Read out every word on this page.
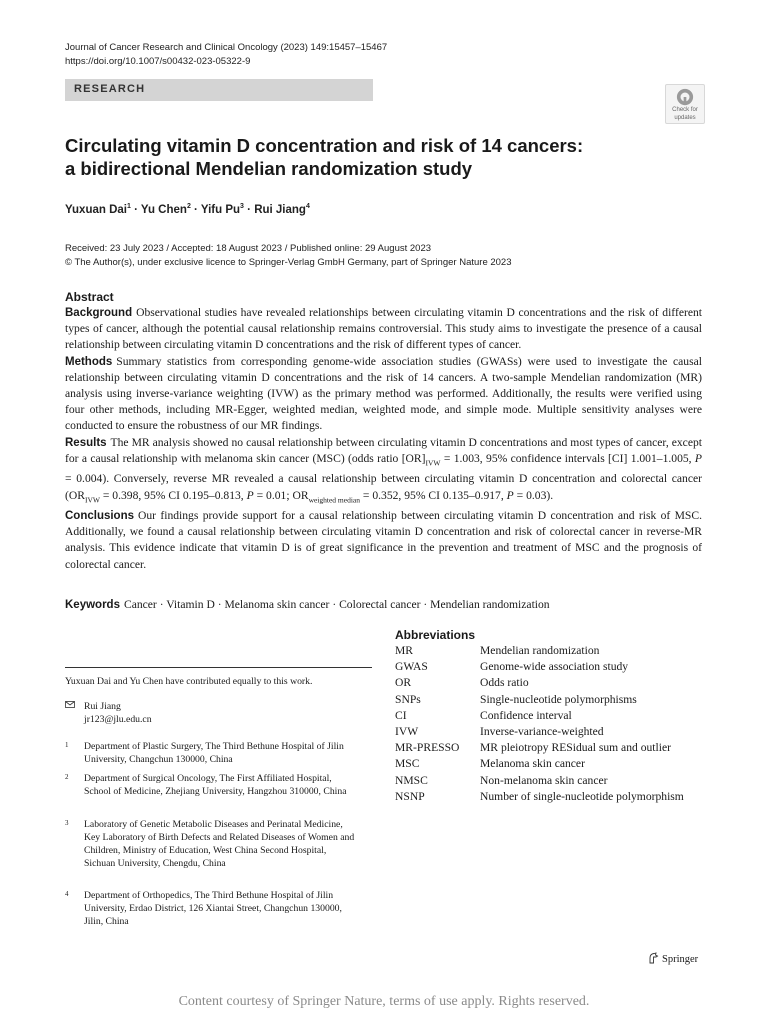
Journal of Cancer Research and Clinical Oncology (2023) 149:15457–15467
https://doi.org/10.1007/s00432-023-05322-9
RESEARCH
Check for
updates
Circulating vitamin D concentration and risk of 14 cancers:
a bidirectional Mendelian randomization study
Yuxuan Dai$^1$ · Yu Chen$^2$ · Yifu $Pu^3$ · Rui Jiang$^4$
Received: 23 July 2023 / Accepted: 18 August 2023 / Published online: 29 August 2023
© The Author(s), under exclusive licence to Springer-Verlag GmbH Germany, part of Springer Nature 2023
Abstract

Background Observational studies have revealed relationships between circulating vitamin D concentrations and the risk of different types of cancer, although the potential causal relationship remains controversial. This study aims to investigate the presence of a causal relationship between circulating vitamin D concentrations and the risk of different types of cancer.

Methods Summary statistics from corresponding genome-wide association studies (GWASs) were used to investigate the causal relationship between circulating vitamin D concentrations and the risk of 14 cancers. A two-sample Mendelian randomization (MR) analysis using inverse-variance weighting (IVW) as the primary method was performed. Additionally, the results were verified using four other methods, including MR-Egger, weighted median, weighted mode, and simple mode. Multiple sensitivity analyses were conducted to ensure the robustness of our MR findings.

Results The MR analysis showed no causal relationship between circulating vitamin D concentrations and most types of cancer, except for a causal relationship with melanoma skin cancer (MSC) (odds ratio $[OR]_{IVW} = 1.003$, 95% confidence intervals [CI] 1.001–1.005, P = 0.004). Conversely, reverse MR revealed a causal relationship between circulating vitamin D concentration and colorectal cancer ($OR_{IVW} = 0.398$, 95% CI 0.195–0.813, P = 0.01; $OR_{weighted median} = 0.352$, 95% CI 0.135–0.917, P = 0.03).

Conclusions Our findings provide support for a causal relationship between circulating vitamin D concentration and risk of MSC. Additionally, we found a causal relationship between circulating vitamin D concentration and risk of colorectal cancer in reverse-MR analysis. This evidence indicate that vitamin D is of great significance in the prevention and treatment of MSC and the prognosis of colorectal cancer.

Keywords Cancer · Vitamin D · Melanoma skin cancer · Colorectal cancer · Mendelian randomization
Yuxuan Dai and Yu Chen have contributed equally to this work.
Rui Jiang
jr123@jlu.edu.cn
1 Department of Plastic Surgery, The Third Bethune Hospital of Jilin University, Changchun 130000, China
2 Department of Surgical Oncology, The First Affiliated Hospital, School of Medicine, Zhejiang University, Hangzhou 310000, China
3 Laboratory of Genetic Metabolic Diseases and Perinatal Medicine, Key Laboratory of Birth Defects and Related Diseases of Women and Children, Ministry of Education, West China Second Hospital, Sichuan University, Chengdu, China
4 Department of Orthopedics, The Third Bethune Hospital of Jilin University, Erdao District, 126 Xiantai Street, Changchun 130000, Jilin, China
Abbreviations
MR	Mendelian randomization
GWAS	Genome-wide association study
OR	Odds ratio
SNPs	Single-nucleotide polymorphisms
CI	Confidence interval
IVW	Inverse-variance-weighted
MR-PRESSO	MR pleiotropy RESidual sum and outlier
MSC	Melanoma skin cancer
NMSC	Non-melanoma skin cancer
NSNP	Number of single-nucleotide polymorphism
Springer
Content courtesy of Springer Nature, terms of use apply. Rights reserved.
